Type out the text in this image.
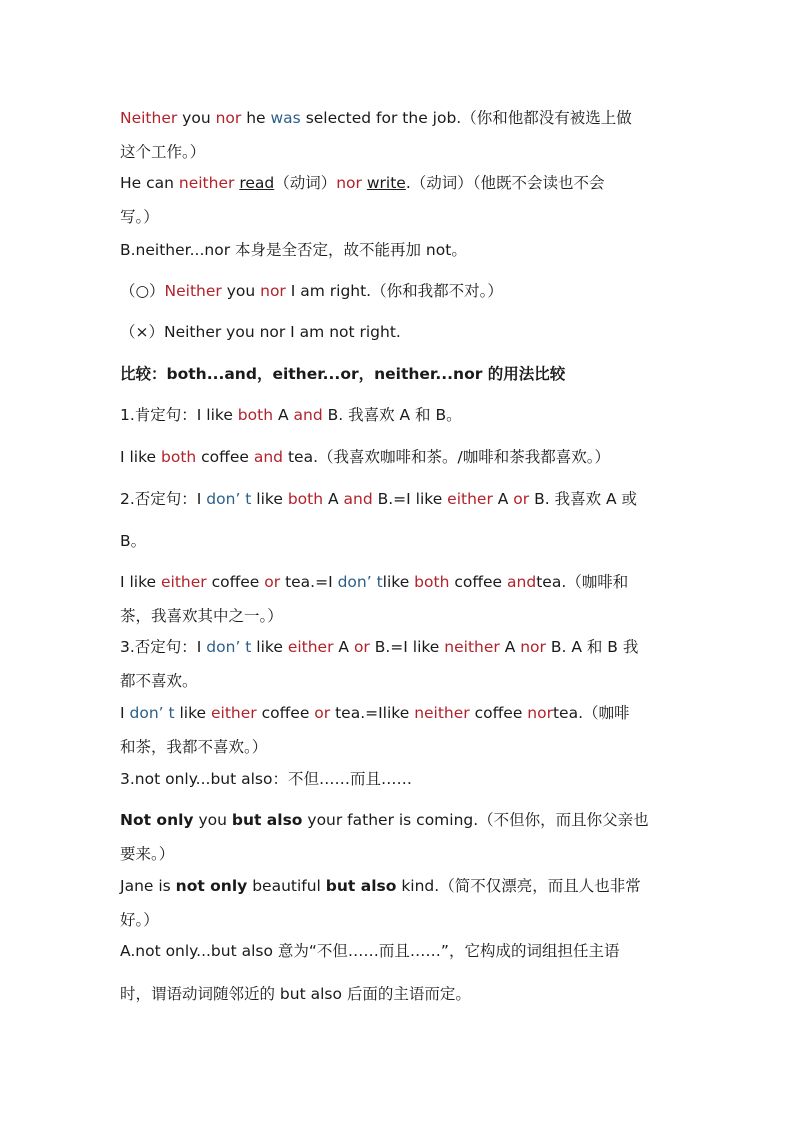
Neither you nor he was selected for the job.（你和他都没有被选上做
这个工作。）
He can neither read（动词）nor write.（动词）（他既不会读也不会
写。）
B.neither...nor 本身是全否定，故不能再加 not。
（○）Neither you nor I am right.（你和我都不对。）
（×）Neither you nor I am not right.
比较：both...and，either...or，neither...nor 的用法比较
1.肯定句：I like both A and B. 我喜欢 A 和 B。
I like both coffee and tea.（我喜欢咖啡和茶。/咖啡和茶我都喜欢。）
2.否定句：I don’ t like both A and B.=I like either A or B. 我喜欢 A 或
B。
I like either coffee or tea.=I don’ tlike both coffee andtea.（咖啡和
茶，我喜欢其中之一。）
3.否定句：I don’ t like either A or B.=I like neither A nor B. A 和 B 我
都不喜欢。
I don’ t like either coffee or tea.=Ilike neither coffee nortea.（咖啡
和茶，我都不喜欢。）
3.not only...but also：不但……而且……
Not only you but also your father is coming.（不但你，而且你父亲也
要来。）
Jane is not only beautiful but also kind.（简不仅漂亮，而且人也非常
好。）
A.not only...but also 意为“不但……而且……”，它构成的词组担任主语
时，谓语动词随邻近的 but also 后面的主语而定。
